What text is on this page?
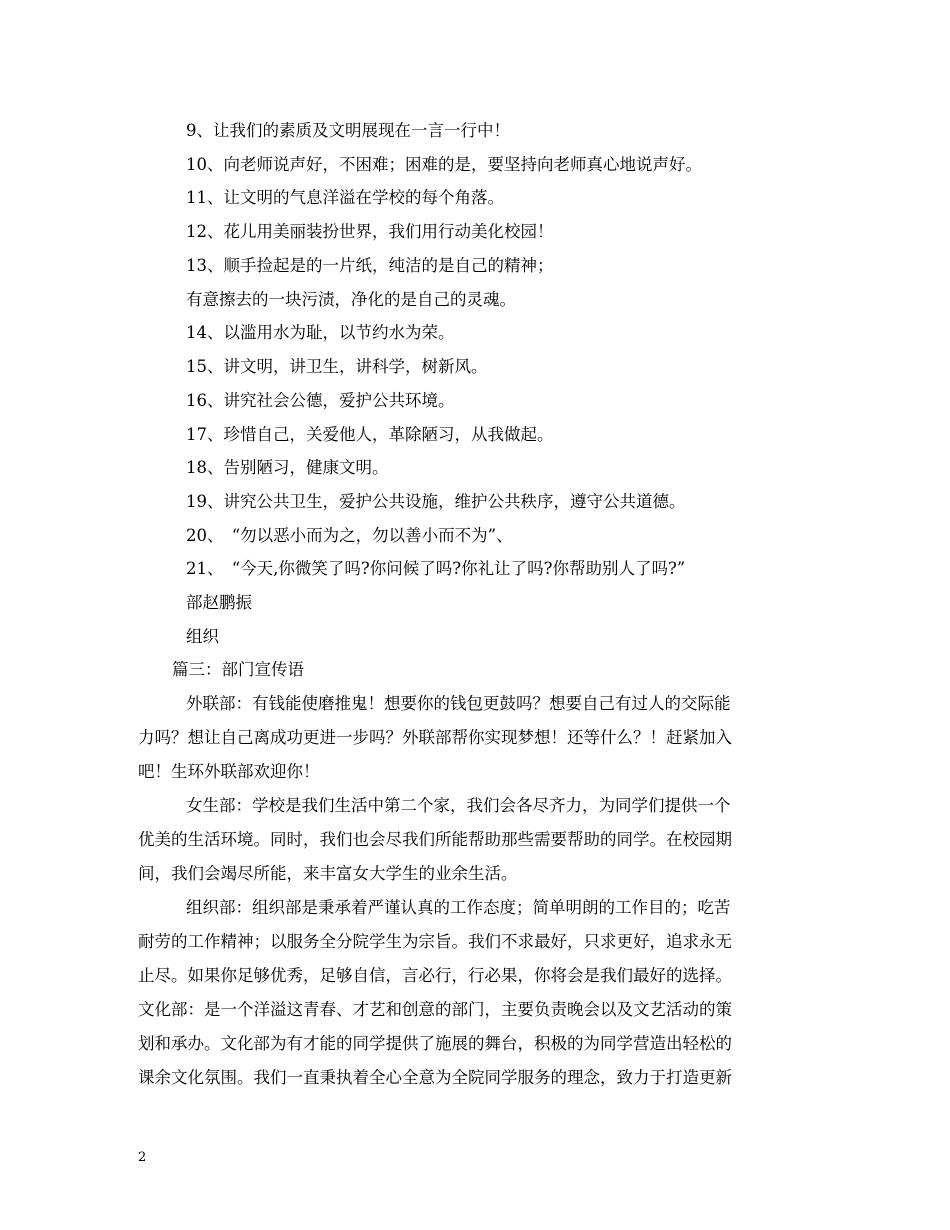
9、让我们的素质及文明展现在一言一行中！
10、向老师说声好，不困难；困难的是，要坚持向老师真心地说声好。
11、让文明的气息洋溢在学校的每个角落。
12、花儿用美丽装扮世界，我们用行动美化校园！
13、顺手捡起是的一片纸，纯洁的是自己的精神；
有意擦去的一块污渍，净化的是自己的灵魂。
14、以滥用水为耻，以节约水为荣。
15、讲文明，讲卫生，讲科学，树新风。
16、讲究社会公德，爱护公共环境。
17、珍惜自己，关爱他人，革除陋习，从我做起。
18、告别陋习，健康文明。
19、讲究公共卫生，爱护公共设施，维护公共秩序，遵守公共道德。
20、　“勿以恶小而为之，勿以善小而不为”、
21、　“今天,你微笑了吗?你问候了吗?你礼让了吗?你帮助别人了吗?”
部赵鹏振
组织
篇三：部门宣传语
外联部：有钱能使磨推鬼！想要你的钱包更鼓吗？想要自己有过人的交际能
力吗？想让自己离成功更进一步吗？外联部帮你实现梦想！还等什么？！赶紧加入
吧！生环外联部欢迎你！
女生部：学校是我们生活中第二个家，我们会各尽齐力，为同学们提供一个
优美的生活环境。同时，我们也会尽我们所能帮助那些需要帮助的同学。在校园期
间，我们会竭尽所能，来丰富女大学生的业余生活。
组织部：组织部是秉承着严谨认真的工作态度；简单明朗的工作目的；吃苦
耐劳的工作精神；以服务全分院学生为宗旨。我们不求最好，只求更好，追求永无
止尽。如果你足够优秀，足够自信，言必行，行必果，你将会是我们最好的选择。
文化部：是一个洋溢这青春、才艺和创意的部门，主要负责晚会以及文艺活动的策
划和承办。文化部为有才能的同学提供了施展的舞台，积极的为同学营造出轻松的
课余文化氛围。我们一直秉执着全心全意为全院同学服务的理念，致力于打造更新
2
